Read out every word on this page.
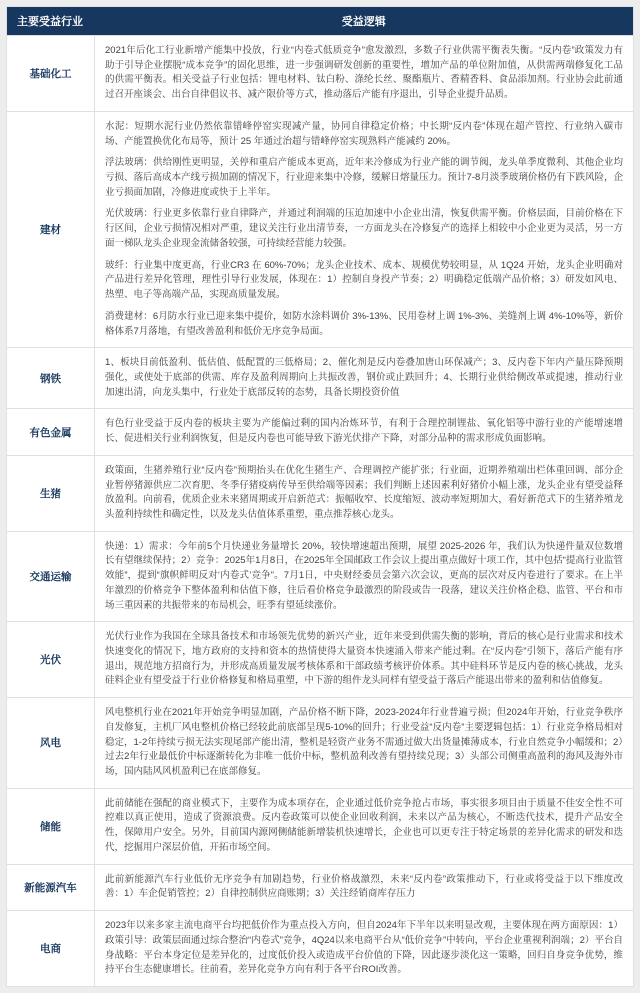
主要受益行业	受益逻辑
基础化工	2021年后化工行业新增产能集中投放，行业“内卷式低质竞争”愈发激烈，多数子行业供需平衡表失衡。“反内卷”政策发力有助于引导企业摆脱“成本竞争”的固化思维，进一步强调研发创新的重要性，增加产品的单位附加值，从供需两端修复化工品的供需平衡表。相关受益子行业包括：锂电材料、钛白粉、涤纶长丝、聚酯瓶片、香精香料、食品添加剂。行业协会此前通过召开座谈会、出台自律倡议书、减产限价等方式，推动落后产能有序退出，引导企业提升品质。

建材	水泥：短期水泥行业仍然依靠错峰停窑实现减产量，协同自律稳定价格；中长期“反内卷”体现在超产管控、行业纳入碳市场、产能置换优化布局等，预计 25 年通过治超与错峰停窑实现熟料产能减约 20%。

浮法玻璃：供给刚性更明显，关停和重启产能成本更高，近年来冷修成为行业产能的调节阀，龙头单季度微利、其他企业均亏损、落后高成本产线亏损加剧的情况下，行业迎来集中冷修，缓解日熔量压力。预计7-8月淡季玻璃价格仍有下跌风险，企业亏损面加剧，冷修进度或快于上半年。

光伏玻璃：行业更多依靠行业自律降产，并通过利润端的压迫加速中小企业出清，恢复供需平衡。价格层面，目前价格在下行区间，企业亏损情况相对严重，建议关注行业出清节奏，一方面龙头在冷修复产的选择上相较中小企业更为灵活，另一方面一梯队龙头企业现金流储备较强，可持续经营能力较强。

玻纤：行业集中度更高，行业CR3 在 60%-70%；龙头企业技术、成本、规模优势较明显，从 1Q24 开始，龙头企业明确对产品进行差异化管理，理性引导行业发展，体现在：1）控制自身投产节奏；2）明确稳定低端产品价格；3）研发如风电、热塑、电子等高端产品，实现高质量发展。

消费建材：6月防水行业已迎来集中提价，如防水涂料调价 3%-13%、民用卷材上调 1%-3%、美缝剂上调 4%-10%等，新价格体系7月落地，有望改善盈利和低价无序竞争局面。

钢铁	1、板块目前低盈利、低估值、低配置的三低格局；2、催化剂是反内卷叠加唐山环保减产；3、反内卷下年内产量压降预期强化，或使处于底部的供需、库存及盈利周期向上共振改善，钢价或止跌回升；4、长期行业供给侧改革或提速，推动行业加速出清，向龙头集中，行业处于底部反转的态势，具备长期投资价值

有色金属	有色行业受益于反内卷的板块主要为产能偏过剩的国内冶炼环节，有利于合理控制锂盐、氧化铝等中游行业的产能增速增长、促进相关行业利润恢复，但是反内卷也可能导致下游光伏排产下降，对部分品种的需求形成负面影响。

生猪	政策面，生猪养殖行业“反内卷”预期抬头在优化生猪生产、合理调控产能扩张；行业面，近期养殖端出栏体重回调、部分企业暂停猪源供应二次育肥、冬季仔猪疫病传导至供给端等因素；我们判断上述因素利好猪价小幅上涨，龙头企业有望受益释放盈利。向前看，优质企业未来猪周期或开启新范式：振幅收窄、长度缩短、波动率短期加大，看好新范式下的生猪养殖龙头盈利持续性和确定性，以及龙头估值体系重塑，重点推荐核心龙头。

交通运输	快递：1）需求：今年前5个月快递业务量增长 20%，较快增速超出预期，展望 2025-2026 年，我们认为快递件量双位数增长有望继续保持；2）竞争：2025年1月8日，在2025年全国邮政工作会议上提出重点做好十项工作，其中包括“提高行业监管效能”，提到“旗帜鲜明反对‘内卷式’竞争”。7月1日，中央财经委员会第六次会议，更高的层次对反内卷进行了要求。在上半年激烈的价格竞争下整体盈利和估值下修，往后看价格竞争最激烈的阶段或告一段落，建议关注价格企稳、监管、平台和市场三重因素的共振带来的布局机会，旺季有望延续涨价。

光伏	光伏行业作为我国在全球具备技术和市场领先优势的新兴产业，近年来受到供需失衡的影响，背后的核心是行业需求和技术快速变化的情况下，地方政府的支持和资本的热情使得大量资本快速涌入带来产能过剩。在“反内卷”引领下，落后产能有序退出，规范地方招商行为，并形成高质量发展考核体系和干部政绩考核评价体系。其中硅料环节是反内卷的核心挑战，龙头硅料企业有望受益于行业价格修复和格局重塑，中下游的组件龙头同样有望受益于落后产能退出带来的盈利和估值修复。

风电	风电整机行业在2021年开始竞争明显加剧，产品价格不断下降，2023-2024年行业普遍亏损；但2024年开始，行业竞争秩序自发修复，主机厂风电整机价格已经较此前底部呈现5-10%的回升；行业受益“反内卷”主要逻辑包括：1）行业竞争格局相对稳定，1-2年持续亏损无法实现尾部产能出清，整机是轻资产业务不需通过做大出货量摊薄成本，行业自然竞争小幅缓和；2）过去2年行业最低价中标逐渐转化为非唯一低价中标，整机盈利改善有望持续兑现；3）头部公司侧重高盈利的海风及海外市场，国内陆风风机盈利已在底部修复。

储能	此前储能在强配的商业模式下，主要作为成本项存在，企业通过低价竞争抢占市场，事实很多项目由于质量不佳安全性不可控难以真正使用，造成了资源浪费。反内卷政策可以使企业回收利润，未来以产品为核心，不断迭代技术，提升产品安全性，保障用户安全。另外，目前国内源网侧储能新增装机快速增长，企业也可以更专注于特定场景的差异化需求的研发和迭代，挖掘用户深层价值，开拓市场空间。

新能源汽车	此前新能源汽车行业低价无序竞争有加剧趋势，行业价格战激烈，未来“反内卷”政策推动下，行业或将受益于以下维度改善：1）车企促销管控；2）自律控制供应商账期；3）关注经销商库存压力

电商	2023年以来多家主流电商平台均把低价作为重点投入方向，但自2024年下半年以来明显改观，主要体现在两方面原因：1）政策引导：政策层面通过综合整治“内卷式”竞争，4Q24以来电商平台从“低价竞争”中转向，平台企业重视利润端；2）平台自身战略：平台本身定位是差异化的，过度低价投入或造成平台价值的下降，因此逐步淡化这一策略，回归自身竞争优势，维持平台生态健康增长。往前看，差异化竞争方向有利于各平台ROI改善。
